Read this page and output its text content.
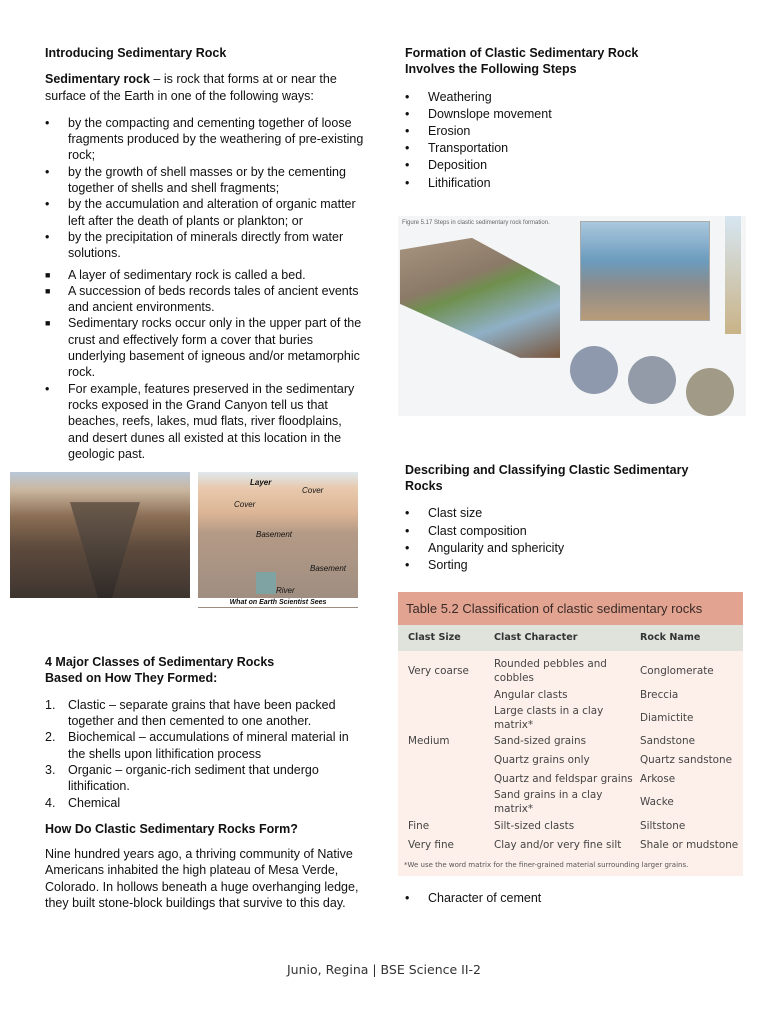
Introducing Sedimentary Rock

Sedimentary rock – is rock that forms at or near the surface of the Earth in one of the following ways:

• by the compacting and cementing together of loose fragments produced by the weathering of pre-existing rock;
• by the growth of shell masses or by the cementing together of shells and shell fragments;
• by the accumulation and alteration of organic matter left after the death of plants or plankton; or
• by the precipitation of minerals directly from water solutions.
■ A layer of sedimentary rock is called a bed.
■ A succession of beds records tales of ancient events and ancient environments.
■ Sedimentary rocks occur only in the upper part of the crust and effectively form a cover that buries underlying basement of igneous and/or metamorphic rock.
• For example, features preserved in the sedimentary rocks exposed in the Grand Canyon tell us that beaches, reefs, lakes, mud flats, river floodplains, and desert dunes all existed at this location in the geologic past.
Layer
Cover
Cover
Basement
Basement
River
What on Earth Scientist Sees
4 Major Classes of Sedimentary Rocks Based on How They Formed:
1. Clastic – separate grains that have been packed together and then cemented to one another.
2. Biochemical – accumulations of mineral material in the shells upon lithification process
3. Organic – organic-rich sediment that undergo lithification.
4. Chemical
How Do Clastic Sedimentary Rocks Form?

Nine hundred years ago, a thriving community of Native Americans inhabited the high plateau of Mesa Verde, Colorado. In hollows beneath a huge overhanging ledge, they built stone-block buildings that survive to this day.

Formation of Clastic Sedimentary Rock Involves the Following Steps
• Weathering
• Downslope movement
• Erosion
• Transportation
• Deposition
• Lithification
Figure 5.17 Steps in clastic sedimentary rock formation.
Describing and Classifying Clastic Sedimentary Rocks
• Clast size
• Clast composition
• Angularity and sphericity
• Sorting
Table 5.2 Classification of clastic sedimentary rocks
Clast Size	Clast Character	Rock Name
Very coarse	Rounded pebbles and cobbles	Conglomerate
	Angular clasts	Breccia
	Large clasts in a clay matrix*	Diamictite
Medium	Sand-sized grains	Sandstone
	Quartz grains only	Quartz sandstone
	Quartz and feldspar grains	Arkose
	Sand grains in a clay matrix*	Wacke
Fine	Silt-sized clasts	Siltstone
Very fine	Clay and/or very fine silt	Shale or mudstone
*We use the word matrix for the finer-grained material surrounding larger grains.
• Character of cement
Junio, Regina | BSE Science II-2
